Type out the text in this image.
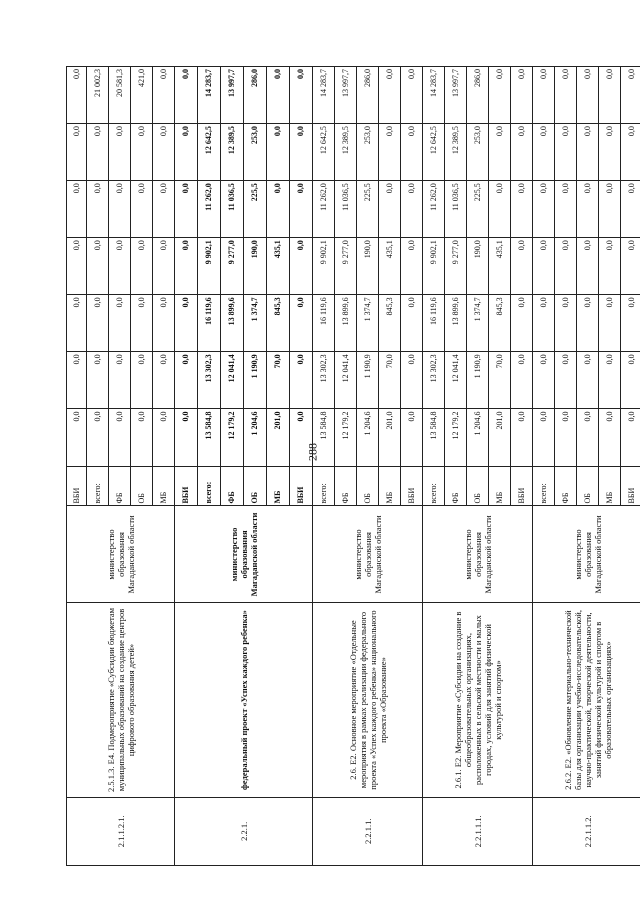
288
2.1.1.2.1.	2.5.1.3. Е4. Подмероприятие «Субсидии бюджетам муниципальных образований на создание центров цифрового образования детей»	министерство образования Магаданской области	ВБИ	0,0	0,0	0,0	0,0	0,0	0,0	0,0
			всего:	0,0	0,0	0,0	0,0	0,0	0,0	21 002,3
			ФБ	0,0	0,0	0,0	0,0	0,0	0,0	20 581,3
			ОБ	0,0	0,0	0,0	0,0	0,0	0,0	421,0
			МБ	0,0	0,0	0,0	0,0	0,0	0,0	0,0
2.2.1.	федеральный проект «Успех каждого ребенка»	министерство образования Магаданской области	ВБИ	0,0	0,0	0,0	0,0	0,0	0,0	0,0
			всего:	13 584,8	13 302,3	16 119,6	9 902,1	11 262,0	12 642,5	14 283,7
			ФБ	12 179,2	12 041,4	13 899,6	9 277,0	11 036,5	12 389,5	13 997,7
			ОБ	1 204,6	1 190,9	1 374,7	190,0	225,5	253,0	286,0
			МБ	201,0	70,0	845,3	435,1	0,0	0,0	0,0
			ВБИ	0,0	0,0	0,0	0,0	0,0	0,0	0,0
2.2.1.1.	2.6. Е2. Основное мероприятие «Отдельные мероприятия в рамках реализации федерального проекта «Успех каждого ребенка» национального проекта «Образование»	министерство образования Магаданской области	всего:	13 584,8	13 302,3	16 119,6	9 902,1	11 262,0	12 642,5	14 283,7
			ФБ	12 179,2	12 041,4	13 899,6	9 277,0	11 036,5	12 389,5	13 997,7
			ОБ	1 204,6	1 190,9	1 374,7	190,0	225,5	253,0	286,0
			МБ	201,0	70,0	845,3	435,1	0,0	0,0	0,0
			ВБИ	0,0	0,0	0,0	0,0	0,0	0,0	0,0
2.2.1.1.1.	2.6.1. Е2. Мероприятие «Субсидии на создание в общеобразовательных организациях, расположенных в сельской местности и малых городах, условий для занятий физической культурой и спортом»	министерство образования Магаданской области	всего:	13 584,8	13 302,3	16 119,6	9 902,1	11 262,0	12 642,5	14 283,7
			ФБ	12 179,2	12 041,4	13 899,6	9 277,0	11 036,5	12 389,5	13 997,7
			ОБ	1 204,6	1 190,9	1 374,7	190,0	225,5	253,0	286,0
			МБ	201,0	70,0	845,3	435,1	0,0	0,0	0,0
			ВБИ	0,0	0,0	0,0	0,0	0,0	0,0	0,0
2.2.1.1.2.	2.6.2. Е2. «Обновление материально-технической базы для организации учебно-исследовательской, научно-практической, творческой деятельности, занятий физической культурой и спортом в образовательных организациях»	министерство образования Магаданской области	всего:	0,0	0,0	0,0	0,0	0,0	0,0	0,0
			ФБ	0,0	0,0	0,0	0,0	0,0	0,0	0,0
			ОБ	0,0	0,0	0,0	0,0	0,0	0,0	0,0
			МБ	0,0	0,0	0,0	0,0	0,0	0,0	0,0
			ВБИ	0,0	0,0	0,0	0,0	0,0	0,0	0,0
